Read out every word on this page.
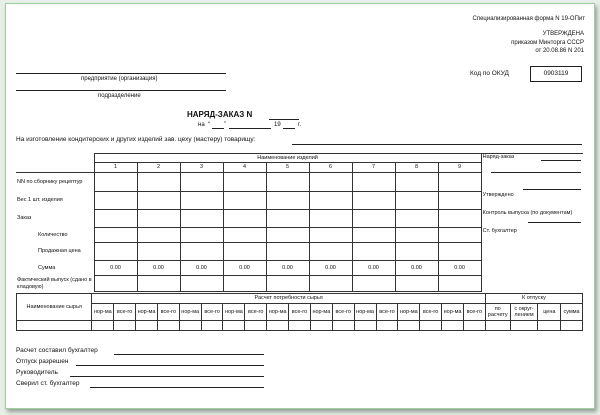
Специализированная форма N 19-ОПит
УТВЕРЖДЕНА
приказом Минторга СССР
от 20.08.86 N 201
предприятие (организация)
подразделение
Код по ОКУД	0903119
НАРЯД-ЗАКАЗ N
на “ ”	19	г.
На изготовление кондитерских и других изделий зав. цеху (мастеру) товарищу:
	Наименование изделий									Наряд-заказ
	1	2	3	4	5	6	7	8	9	
NN по сборнику рецептур										
Вес 1 шт. изделия										Утверждено
Заказ										Контроль выпуска (по документам)
Количество										Ст. бухгалтер
Продажная цена										
Сумма	0.00	0.00	0.00	0.00	0.00	0.00	0.00	0.00	0.00	
Фактический выпуск (сдано в кладовую)										
Наименование сырья	Расчет потребности сырья																		К отпуску			
	нор-ма	все-го	нор-ма	все-го	нор-ма	все-го	нор-ма	все-го	нор-ма	все-го	нор-ма	все-го	нор-ма	все-го	нор-ма	все-го	нор-ма	все-го	по расчету	с округ-лением	цена	сумма

Расчет составил бухгалтер
Отпуск разрешен
Руководитель
Сверил ст. бухгалтер
